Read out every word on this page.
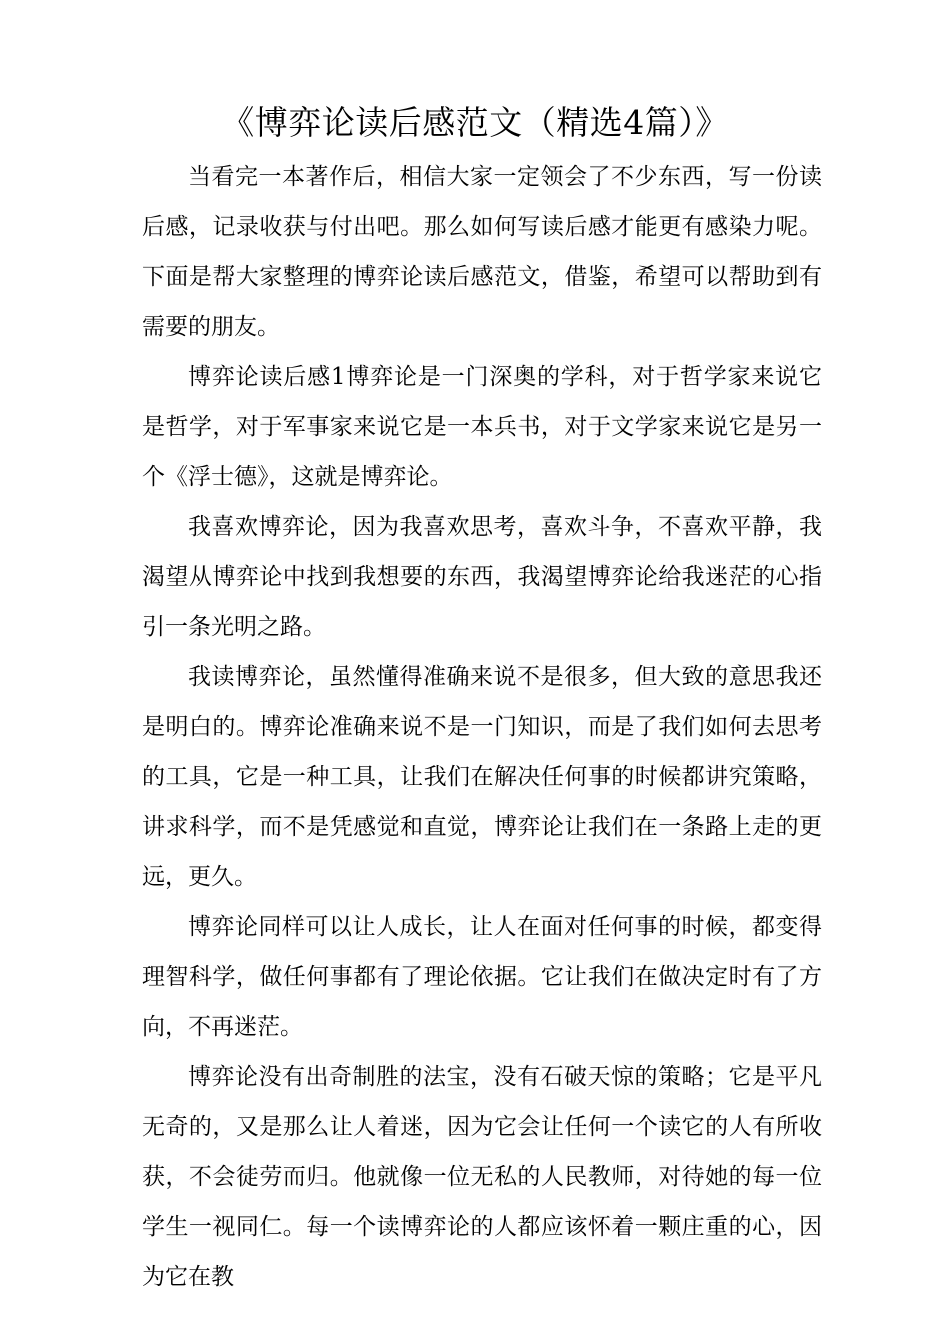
《博弈论读后感范文（精选4篇）》

当看完一本著作后，相信大家一定领会了不少东西，写一份读后感，记录收获与付出吧。那么如何写读后感才能更有感染力呢。下面是帮大家整理的博弈论读后感范文，借鉴，希望可以帮助到有需要的朋友。

博弈论读后感1博弈论是一门深奥的学科，对于哲学家来说它是哲学，对于军事家来说它是一本兵书，对于文学家来说它是另一个《浮士德》，这就是博弈论。

我喜欢博弈论，因为我喜欢思考，喜欢斗争，不喜欢平静，我渴望从博弈论中找到我想要的东西，我渴望博弈论给我迷茫的心指引一条光明之路。

我读博弈论，虽然懂得准确来说不是很多，但大致的意思我还是明白的。博弈论准确来说不是一门知识，而是了我们如何去思考的工具，它是一种工具，让我们在解决任何事的时候都讲究策略，讲求科学，而不是凭感觉和直觉，博弈论让我们在一条路上走的更远，更久。

博弈论同样可以让人成长，让人在面对任何事的时候，都变得理智科学，做任何事都有了理论依据。它让我们在做决定时有了方向，不再迷茫。

博弈论没有出奇制胜的法宝，没有石破天惊的策略；它是平凡无奇的，又是那么让人着迷，因为它会让任何一个读它的人有所收获，不会徒劳而归。他就像一位无私的人民教师，对待她的每一位学生一视同仁。每一个读博弈论的人都应该怀着一颗庄重的心，因为它在教
